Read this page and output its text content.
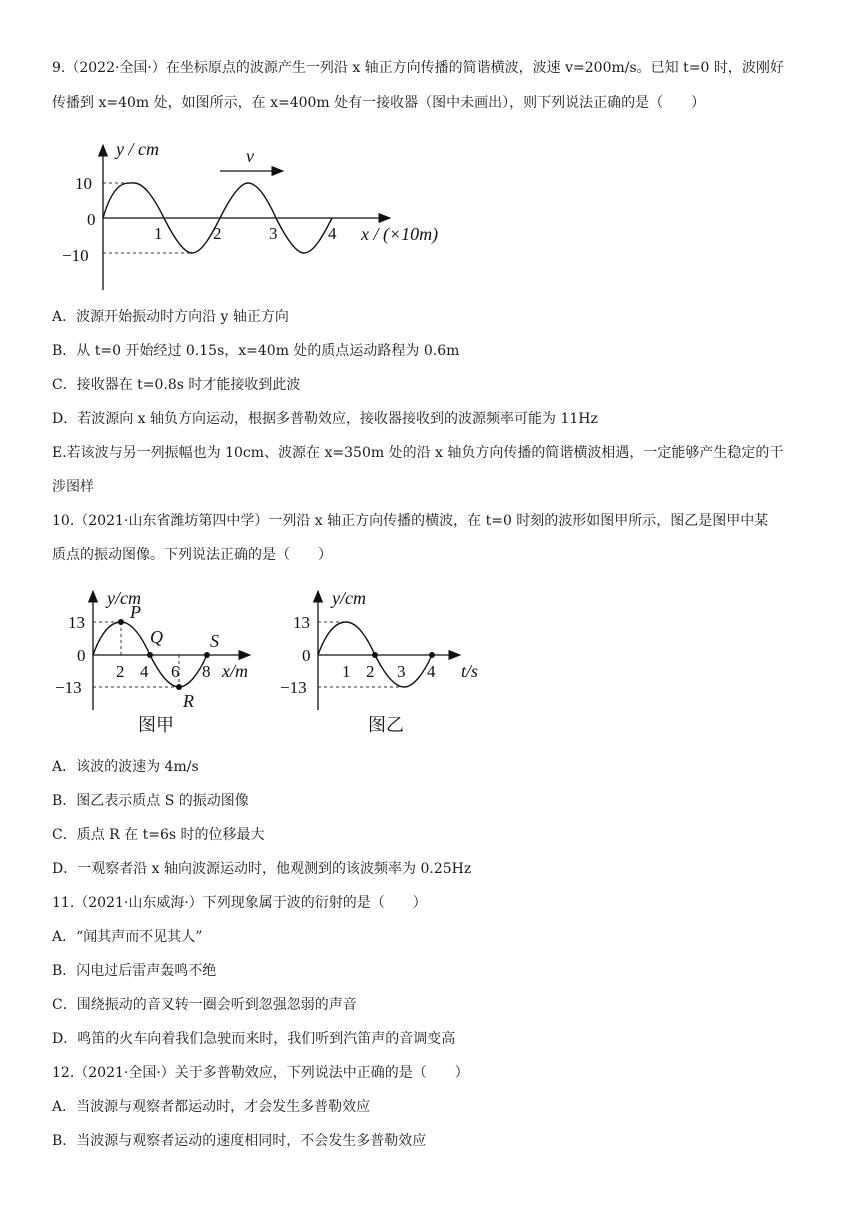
9.（2022·全国·）在坐标原点的波源产生一列沿 x 轴正方向传播的简谐横波，波速 v=200m/s。已知 t=0 时，波刚好
传播到 x=40m 处，如图所示，在 x=400m 处有一接收器（图中未画出），则下列说法正确的是（　　）
v
y / cm
10
0
−10
1	2	3	4 x / (×10m)
A．波源开始振动时方向沿 y 轴正方向
B．从 t=0 开始经过 0.15s，x=40m 处的质点运动路程为 0.6m
C．接收器在 t=0.8s 时才能接收到此波
D．若波源向 x 轴负方向运动，根据多普勒效应，接收器接收到的波源频率可能为 11Hz
E.若该波与另一列振幅也为 10cm、波源在 x=350m 处的沿 x 轴负方向传播的简谐横波相遇，一定能够产生稳定的干
涉图样
10.（2021·山东省潍坊第四中学）一列沿 x 轴正方向传播的横波，在 t=0 时刻的波形如图甲所示，图乙是图甲中某
质点的振动图像。下列说法正确的是（　　）
y/cm
P
Q
R
S
13
0
−13
2 4 6 8 x/m
图甲
y/cm
13
0
−13
1 2 3 4 t/s
图乙
A．该波的波速为 4m/s
B．图乙表示质点 S 的振动图像
C．质点 R 在 t=6s 时的位移最大
D．一观察者沿 x 轴向波源运动时，他观测到的该波频率为 0.25Hz
11.（2021·山东威海·）下列现象属于波的衍射的是（　　）
A．“闻其声而不见其人”
B．闪电过后雷声轰鸣不绝
C．围绕振动的音叉转一圈会听到忽强忽弱的声音
D．鸣笛的火车向着我们急驶而来时，我们听到汽笛声的音调变高
12.（2021·全国·）关于多普勒效应，下列说法中正确的是（　　）
A．当波源与观察者都运动时，才会发生多普勒效应
B．当波源与观察者运动的速度相同时，不会发生多普勒效应
